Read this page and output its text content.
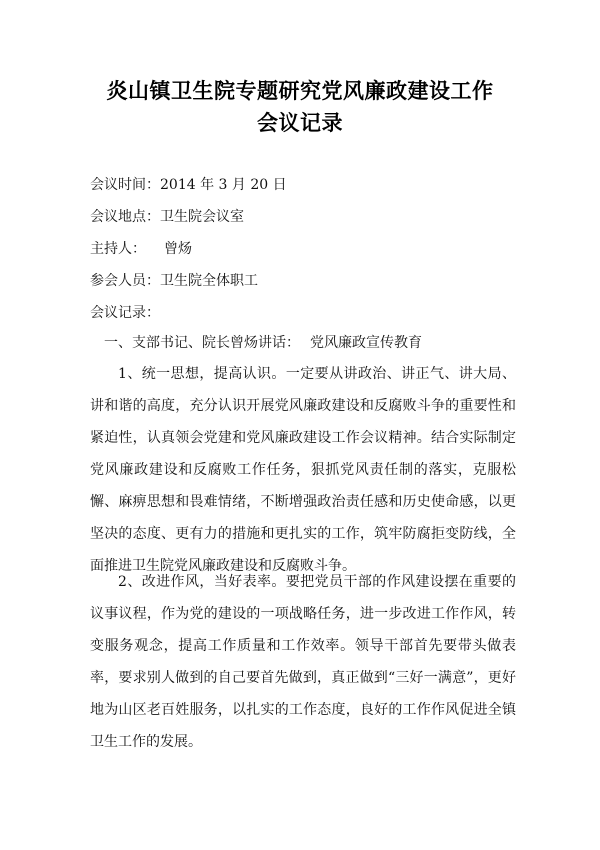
炎山镇卫生院专题研究党风廉政建设工作
会议记录
会议时间：2014 年 3 月 20 日
会议地点：卫生院会议室
主持人： 曾炀
参会人员：卫生院全体职工
会议记录：
一、支部书记、院长曾炀讲话： 党风廉政宣传教育

1、统一思想，提高认识。一定要从讲政治、讲正气、讲大局、 讲和谐的高度，充分认识开展党风廉政建设和反腐败斗争的重要性和紧迫性，认真领会党建和党风廉政建设工作会议精神。结合实际制定党风廉政建设和反腐败工作任务，狠抓党风责任制的落实，克服松懈、麻痹思想和畏难情绪，不断增强政治责任感和历史使命感，以更坚决的态度、更有力的措施和更扎实的工作，筑牢防腐拒变防线，全面推进卫生院党风廉政建设和反腐败斗争。

2、改进作风，当好表率。要把党员干部的作风建设摆在重要的 议事议程，作为党的建设的一项战略任务，进一步改进工作作风，转 变服务观念，提高工作质量和工作效率。领导干部首先要带头做表率，要求别人做到的自己要首先做到，真正做到“三好一满意”，更好地为山区老百姓服务，以扎实的工作态度，良好的工作作风促进全镇卫生工作的发展。
